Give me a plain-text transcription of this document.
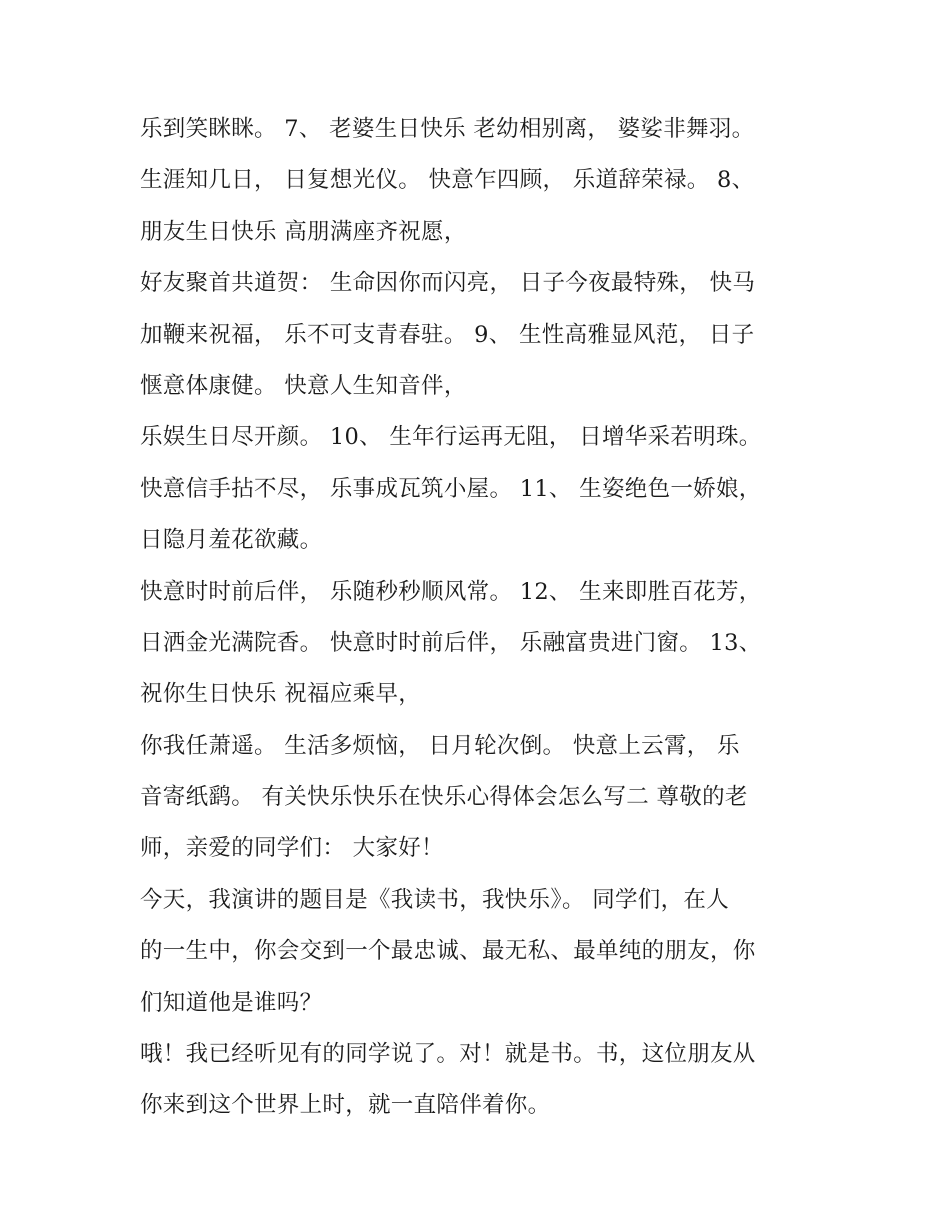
乐到笑眯眯。 7、 老婆生日快乐 老幼相别离， 婆娑非舞羽。
生涯知几日， 日复想光仪。 快意乍四顾， 乐道辞荣禄。 8、
朋友生日快乐 高朋满座齐祝愿，
好友聚首共道贺： 生命因你而闪亮， 日子今夜最特殊， 快马
加鞭来祝福， 乐不可支青春驻。 9、 生性高雅显风范， 日子
惬意体康健。 快意人生知音伴，
乐娱生日尽开颜。 10、 生年行运再无阻， 日增华采若明珠。
快意信手拈不尽， 乐事成瓦筑小屋。 11、 生姿绝色一娇娘，
日隐月羞花欲藏。
快意时时前后伴， 乐随秒秒顺风常。 12、 生来即胜百花芳，
日洒金光满院香。 快意时时前后伴， 乐融富贵进门窗。 13、
祝你生日快乐 祝福应乘早，
你我任萧遥。 生活多烦恼， 日月轮次倒。 快意上云霄， 乐
音寄纸鹞。 有关快乐快乐在快乐心得体会怎么写二 尊敬的老
师，亲爱的同学们： 大家好！
今天，我演讲的题目是《我读书，我快乐》。 同学们，在人
的一生中，你会交到一个最忠诚、最无私、最单纯的朋友，你
们知道他是谁吗？
哦！我已经听见有的同学说了。对！就是书。书，这位朋友从
你来到这个世界上时，就一直陪伴着你。
